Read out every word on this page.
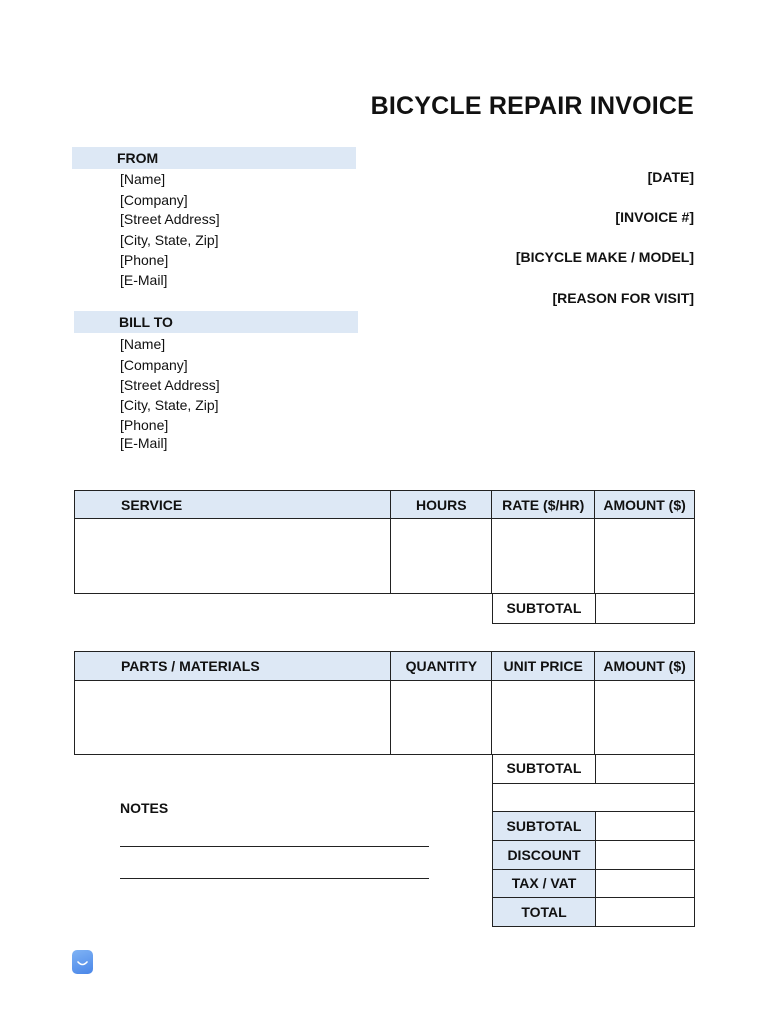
BICYCLE REPAIR INVOICE
FROM
[Name]
[Company]
[Street Address]
[City, State, Zip]
[Phone]
[E-Mail]
[DATE]
[INVOICE #]
[BICYCLE MAKE / MODEL]
[REASON FOR VISIT]
BILL TO
[Name]
[Company]
[Street Address]
[City, State, Zip]
[Phone]
[E-Mail]
SERVICE	HOURS	RATE ($/HR)	AMOUNT ($)

SUBTOTAL
PARTS / MATERIALS	QUANTITY	UNIT PRICE	AMOUNT ($)

SUBTOTAL
NOTES
SUBTOTAL
DISCOUNT
TAX / VAT
TOTAL
